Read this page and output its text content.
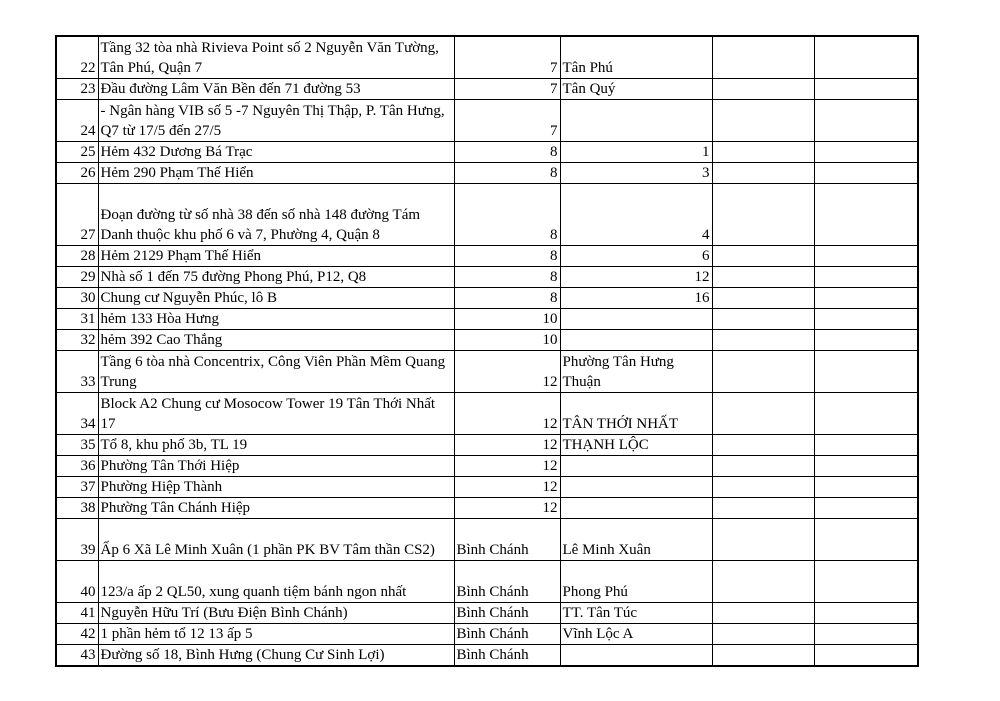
22	Tầng 32 tòa nhà Rivieva Point số 2 Nguyễn Văn Tường, Tân Phú, Quận 7	7	Tân Phú		
23	Đầu đường Lâm Văn Bền đến 71 đường 53	7	Tân Quý		
24	- Ngân hàng VIB số 5 -7 Nguyên Thị Thập, P. Tân Hưng, Q7 từ 17/5 đến 27/5	7			
25	Hẻm 432 Dương Bá Trạc	8	1		
26	Hẻm 290 Phạm Thế Hiển	8	3		
27	Đoạn đường từ số nhà 38 đến số nhà 148 đường Tám Danh thuộc khu phố 6 và 7, Phường 4, Quận 8	8	4		
28	Hẻm 2129 Phạm Thế Hiển	8	6		
29	Nhà số 1 đến 75 đường Phong Phú, P12, Q8	8	12		
30	Chung cư Nguyễn Phúc, lô B	8	16		
31	hẻm 133 Hòa Hưng	10			
32	hẻm 392 Cao Thắng	10			
33	Tầng 6 tòa nhà Concentrix, Công Viên Phần Mềm Quang Trung	12	Phường Tân Hưng Thuận		
34	Block A2 Chung cư Mosocow Tower 19 Tân Thới Nhất 17	12	TÂN THỚI NHẤT		
35	Tổ 8, khu phố 3b, TL 19	12	THẠNH LỘC		
36	Phường Tân Thới Hiệp	12			
37	Phường Hiệp Thành	12			
38	Phường Tân Chánh Hiệp	12			
39	Ấp 6 Xã Lê Minh Xuân (1 phần PK BV Tâm thần CS2)	Bình Chánh	Lê Minh Xuân		
40	123/a ấp 2 QL50, xung quanh tiệm bánh ngon nhất	Bình Chánh	Phong Phú		
41	Nguyễn Hữu Trí (Bưu Điện Bình Chánh)	Bình Chánh	TT. Tân Túc		
42	1 phần hẻm tổ 12 13 ấp 5	Bình Chánh	Vĩnh Lộc A		
43	Đường số 18, Bình Hưng (Chung Cư Sinh Lợi)	Bình Chánh			
